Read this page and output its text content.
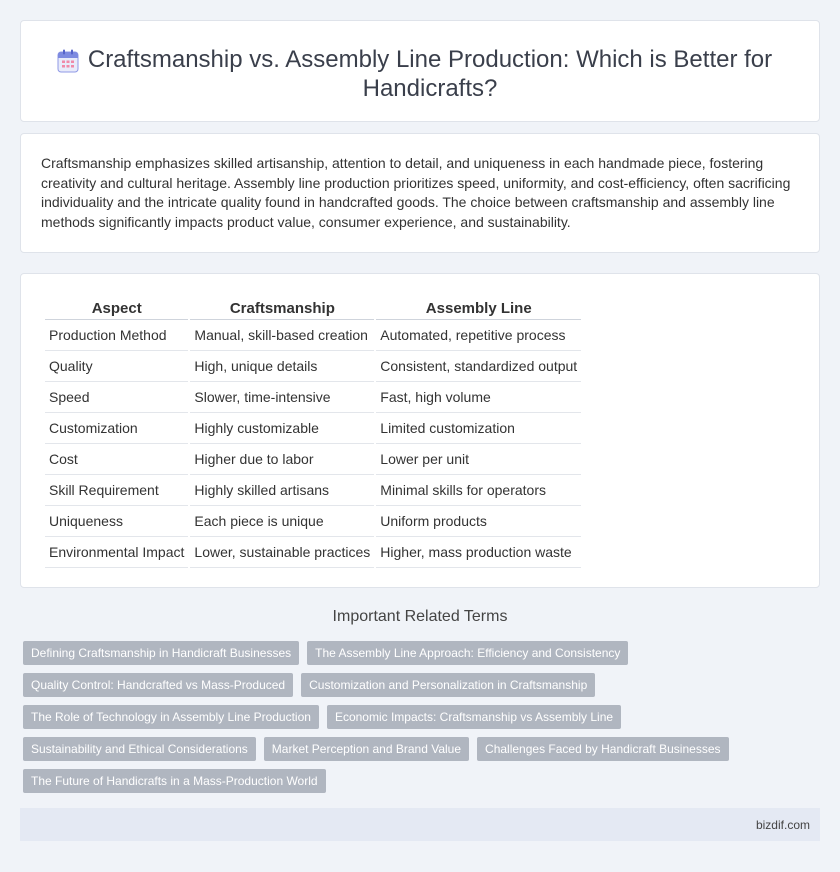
Craftsmanship vs. Assembly Line Production: Which is Better for Handicrafts?

Craftsmanship emphasizes skilled artisanship, attention to detail, and uniqueness in each handmade piece, fostering creativity and cultural heritage. Assembly line production prioritizes speed, uniformity, and cost-efficiency, often sacrificing individuality and the intricate quality found in handcrafted goods. The choice between craftsmanship and assembly line methods significantly impacts product value, consumer experience, and sustainability.

Aspect	Craftsmanship	Assembly Line
Production Method	Manual, skill-based creation	Automated, repetitive process
Quality	High, unique details	Consistent, standardized output
Speed	Slower, time-intensive	Fast, high volume
Customization	Highly customizable	Limited customization
Cost	Higher due to labor	Lower per unit
Skill Requirement	Highly skilled artisans	Minimal skills for operators
Uniqueness	Each piece is unique	Uniform products
Environmental Impact	Lower, sustainable practices	Higher, mass production waste
Important Related Terms
Defining Craftsmanship in Handicraft Businesses	The Assembly Line Approach: Efficiency and Consistency
Quality Control: Handcrafted vs Mass-Produced	Customization and Personalization in Craftsmanship
The Role of Technology in Assembly Line Production	Economic Impacts: Craftsmanship vs Assembly Line
Sustainability and Ethical Considerations	Market Perception and Brand Value	Challenges Faced by Handicraft Businesses
The Future of Handicrafts in a Mass-Production World
bizdif.com
